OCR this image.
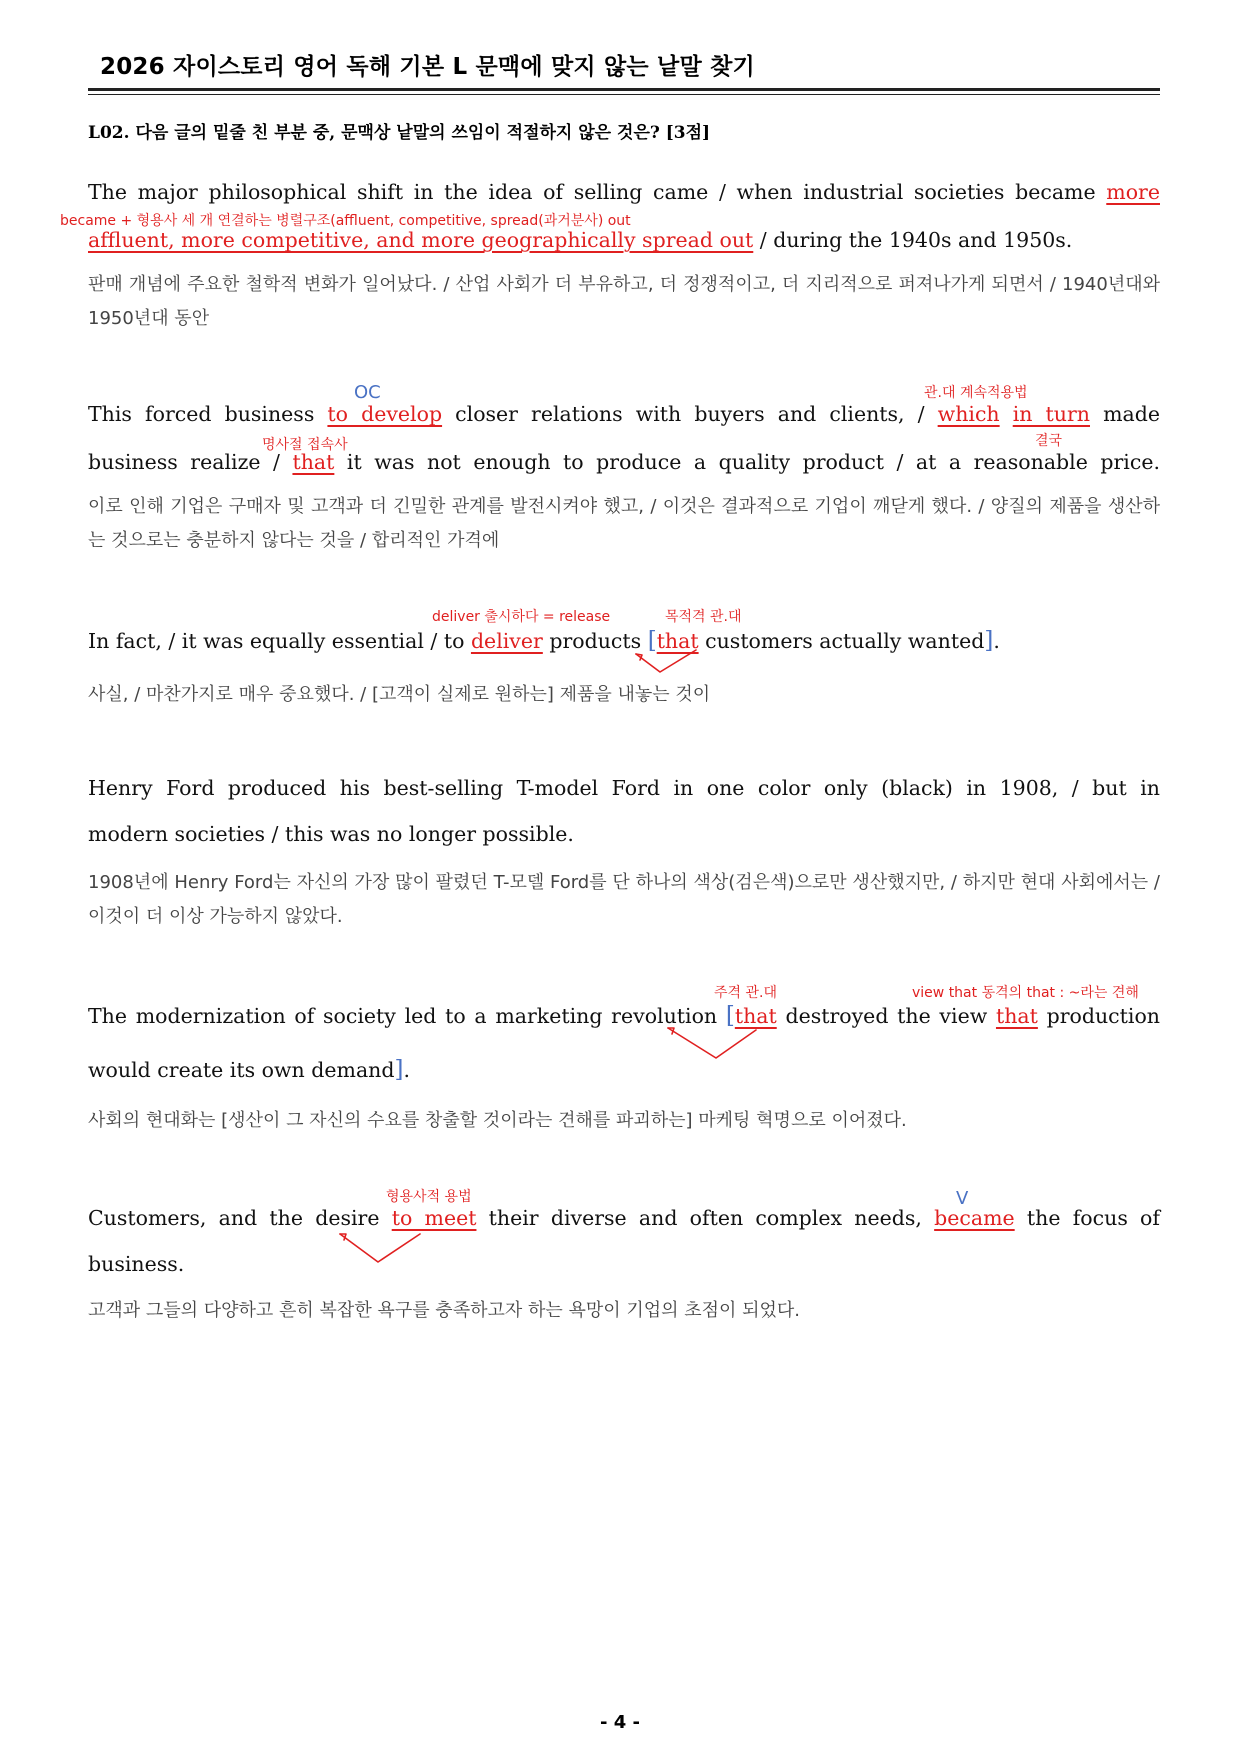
2026 자이스토리 영어 독해 기본 L 문맥에 맞지 않는 낱말 찾기
L02. 다음 글의 밑줄 친 부분 중, 문맥상 낱말의 쓰임이 적절하지 않은 것은? [3점]
The major philosophical shift in the idea of selling came / when industrial societies became more
became + 형용사 세 개 연결하는 병렬구조(affluent, competitive, spread(과거분사) out
affluent, more competitive, and more geographically spread out / during the 1940s and 1950s.
판매 개념에 주요한 철학적 변화가 일어났다. / 산업 사회가 더 부유하고, 더 정쟁적이고, 더 지리적으로 퍼져나가게 되면서 / 1940년대와 1950년대 동안
OC	관.대 계속적용법
This forced business to develop closer relations with buyers and clients, / which in turn made
명사절 접속사	결국
business realize / that it was not enough to produce a quality product / at a reasonable price.
이로 인해 기업은 구매자 및 고객과 더 긴밀한 관계를 발전시켜야 했고, / 이것은 결과적으로 기업이 깨닫게 했다. / 양질의 제품을 생산하는 것으로는 충분하지 않다는 것을 / 합리적인 가격에
deliver 출시하다 = release	목적격 관.대
In fact, / it was equally essential / to deliver products [that customers actually wanted].
사실, / 마찬가지로 매우 중요했다. / [고객이 실제로 원하는] 제품을 내놓는 것이
Henry Ford produced his best-selling T-model Ford in one color only (black) in 1908, / but in
modern societies / this was no longer possible.
1908년에 Henry Ford는 자신의 가장 많이 팔렸던 T-모델 Ford를 단 하나의 색상(검은색)으로만 생산했지만, / 하지만 현대 사회에서는 / 이것이 더 이상 가능하지 않았다.
주격 관.대	view that 동격의 that : ~라는 견해
The modernization of society led to a marketing revolution [that destroyed the view that production
would create its own demand].
사회의 현대화는 [생산이 그 자신의 수요를 창출할 것이라는 견해를 파괴하는] 마케팅 혁명으로 이어졌다.
형용사적 용법	V
Customers, and the desire to meet their diverse and often complex needs, became the focus of
business.
고객과 그들의 다양하고 흔히 복잡한 욕구를 충족하고자 하는 욕망이 기업의 초점이 되었다.
- 4 -
